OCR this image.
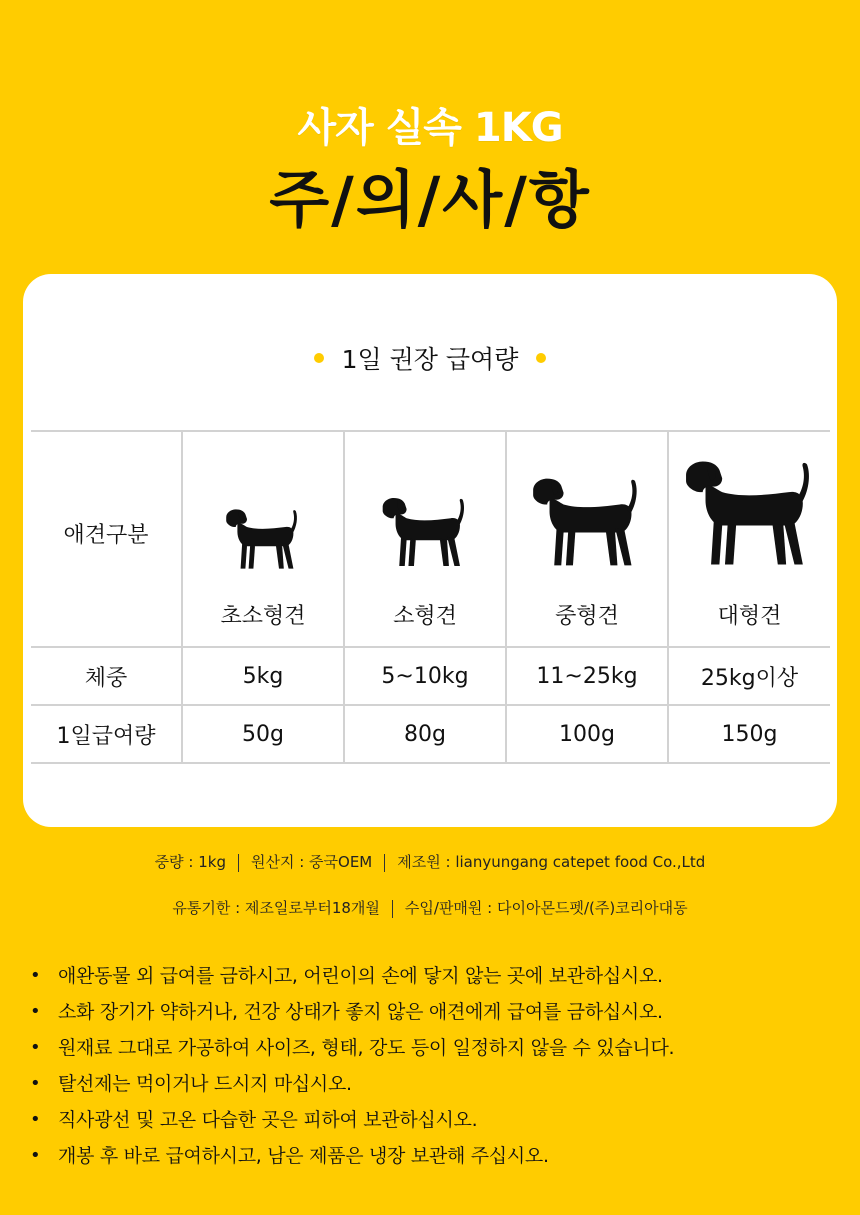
사자 실속 1KG
주/의/사/항
1일 권장 급여량
애견구분	초소형견	소형견	중형견	대형견

체중	5kg	5~10kg	11~25kg	25kg이상
1일급여량	50g	80g	100g	150g
중량 : 1kg 원산지 : 중국OEM 제조원 : lianyungang catepet food Co.,Ltd
유통기한 : 제조일로부터18개월 수입/판매원 : 다이아몬드펫/(주)코리아대동
• 애완동물 외 급여를 금하시고, 어린이의 손에 닿지 않는 곳에 보관하십시오.
• 소화 장기가 약하거나, 건강 상태가 좋지 않은 애견에게 급여를 금하십시오.
• 원재료 그대로 가공하여 사이즈, 형태, 강도 등이 일정하지 않을 수 있습니다.
• 탈선제는 먹이거나 드시지 마십시오.
• 직사광선 및 고온 다습한 곳은 피하여 보관하십시오.
• 개봉 후 바로 급여하시고, 남은 제품은 냉장 보관해 주십시오.
